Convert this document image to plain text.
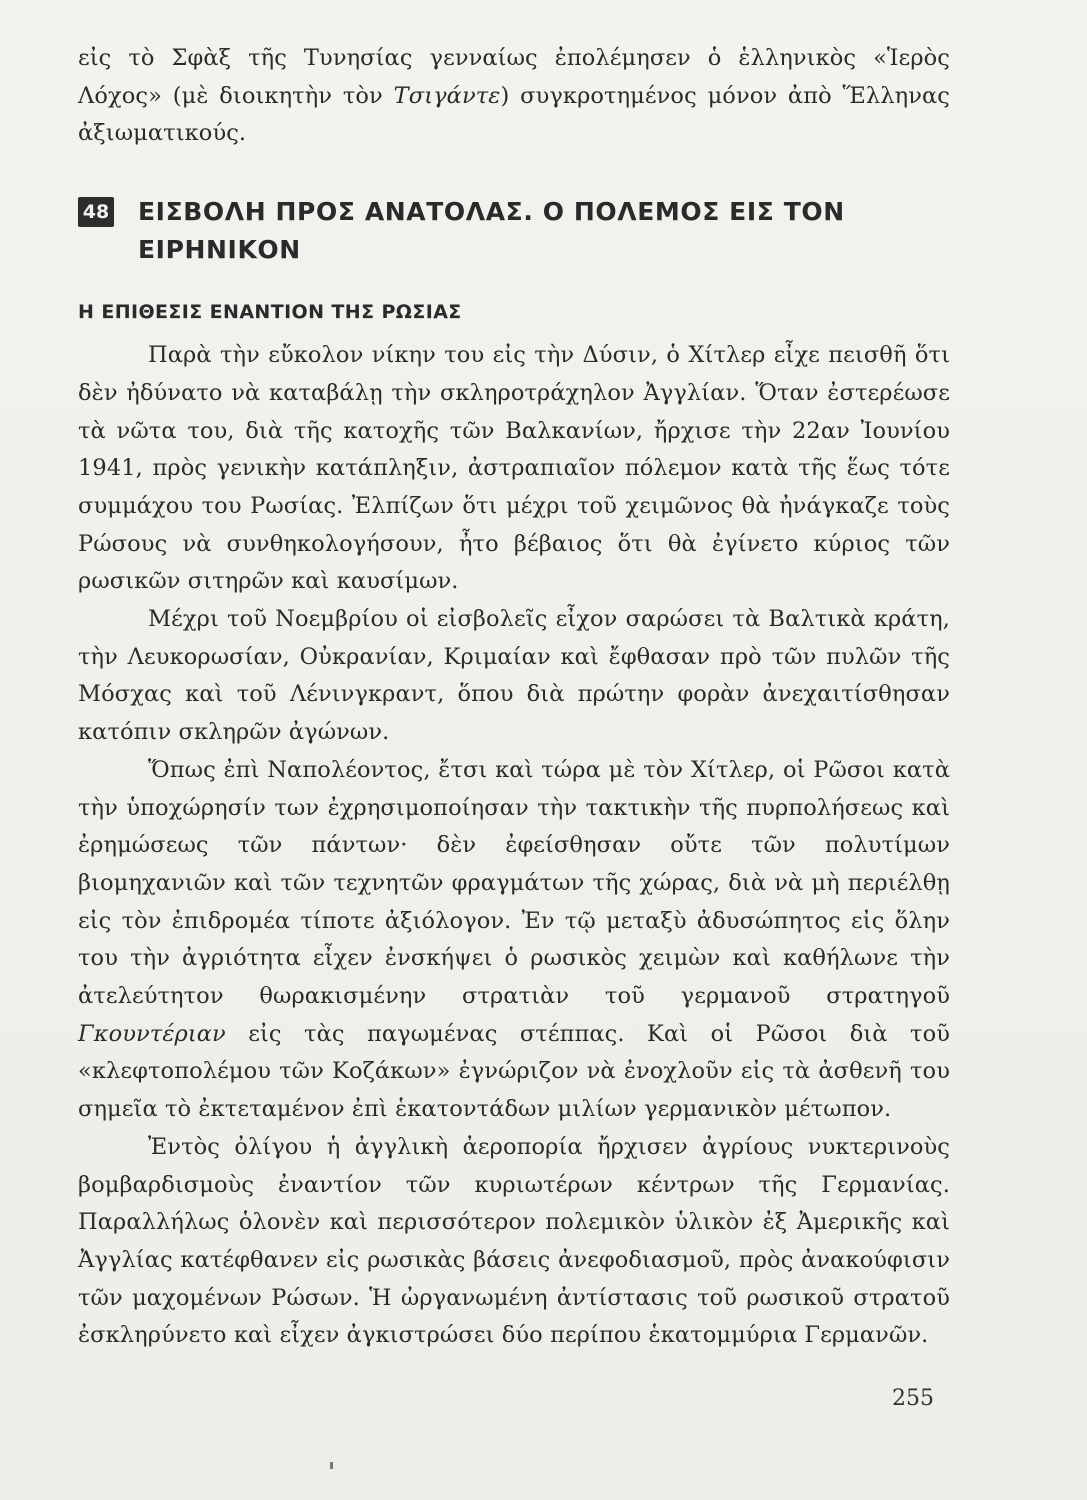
εἰς τὸ Σφὰξ τῆς Τυνησίας γενναίως ἐπολέμησεν ὁ ἑλληνικὸς «Ἱερὸς Λόχος» (μὲ διοικητὴν τὸν Τσιγάντε) συγκροτημένος μόνον ἀπὸ Ἕλληνας ἀξιωματικούς.

48 ΕΙΣΒΟΛΗ ΠΡΟΣ ΑΝΑΤΟΛΑΣ. Ο ΠΟΛΕΜΟΣ ΕΙΣ ΤΟΝ
ΕΙΡΗΝΙΚΟΝ
Η ΕΠΙΘΕΣΙΣ ΕΝΑΝΤΙΟΝ ΤΗΣ ΡΩΣΙΑΣ

Παρὰ τὴν εὔκολον νίκην του εἰς τὴν Δύσιν, ὁ Χίτλερ εἶχε πεισθῆ ὅτι δὲν ἠδύνατο νὰ καταβάλῃ τὴν σκληροτράχηλον Ἀγγλίαν. Ὅταν ἐστερέωσε τὰ νῶτα του, διὰ τῆς κατοχῆς τῶν Βαλκανίων, ἤρχισε τὴν 22αν Ἰουνίου 1941, πρὸς γενικὴν κατάπληξιν, ἀστραπιαῖον πόλεμον κατὰ τῆς ἕως τότε συμμάχου του Ρωσίας. Ἐλπίζων ὅτι μέχρι τοῦ χειμῶνος θὰ ἠνάγκαζε τοὺς Ρώσους νὰ συνθηκολογήσουν, ἦτο βέβαιος ὅτι θὰ ἐγίνετο κύριος τῶν ρωσικῶν σιτηρῶν καὶ καυσίμων.

Μέχρι τοῦ Νοεμβρίου οἱ εἰσβολεῖς εἶχον σαρώσει τὰ Βαλτικὰ κράτη, τὴν Λευκορωσίαν, Οὐκρανίαν, Κριμαίαν καὶ ἔφθασαν πρὸ τῶν πυλῶν τῆς Μόσχας καὶ τοῦ Λένινγκραντ, ὅπου διὰ πρώτην φορὰν ἀνεχαιτίσθησαν κατόπιν σκληρῶν ἀγώνων.

Ὅπως ἐπὶ Ναπολέοντος, ἔτσι καὶ τώρα μὲ τὸν Χίτλερ, οἱ Ρῶσοι κατὰ τὴν ὑποχώρησίν των ἐχρησιμοποίησαν τὴν τακτικὴν τῆς πυρπολήσεως καὶ ἐρημώσεως τῶν πάντων· δὲν ἐφείσθησαν οὔτε τῶν πολυτίμων βιομηχανιῶν καὶ τῶν τεχνητῶν φραγμάτων τῆς χώρας, διὰ νὰ μὴ περιέλθῃ εἰς τὸν ἐπιδρομέα τίποτε ἀξιόλογον. Ἐν τῷ μεταξὺ ἀδυσώπητος εἰς ὅλην του τὴν ἀγριότητα εἶχεν ἐνσκήψει ὁ ρωσικὸς χειμὼν καὶ καθήλωνε τὴν ἀτελεύτητον θωρακισμένην στρατιὰν τοῦ γερμανοῦ στρατηγοῦ Γκουντέριαν εἰς τὰς παγωμένας στέππας. Καὶ οἱ Ρῶσοι διὰ τοῦ «κλεφτοπολέμου τῶν Κοζάκων» ἐγνώριζον νὰ ἐνοχλοῦν εἰς τὰ ἀσθενῆ του σημεῖα τὸ ἐκτεταμένον ἐπὶ ἑκατοντάδων μιλίων γερμανικὸν μέτωπον.

Ἐντὸς ὀλίγου ἡ ἀγγλικὴ ἀεροπορία ἤρχισεν ἀγρίους νυκτερινοὺς βομβαρδισμοὺς ἐναντίον τῶν κυριωτέρων κέντρων τῆς Γερμανίας. Παραλλήλως ὁλονὲν καὶ περισσότερον πολεμικὸν ὑλικὸν ἐξ Ἀμερικῆς καὶ Ἀγγλίας κατέφθανεν εἰς ρωσικὰς βάσεις ἀνεφοδιασμοῦ, πρὸς ἀνακούφισιν τῶν μαχομένων Ρώσων. Ἡ ὠργανωμένη ἀντίστασις τοῦ ρωσικοῦ στρατοῦ ἐσκληρύνετο καὶ εἶχεν ἀγκιστρώσει δύο περίπου ἑκατομμύρια Γερμανῶν.

255
